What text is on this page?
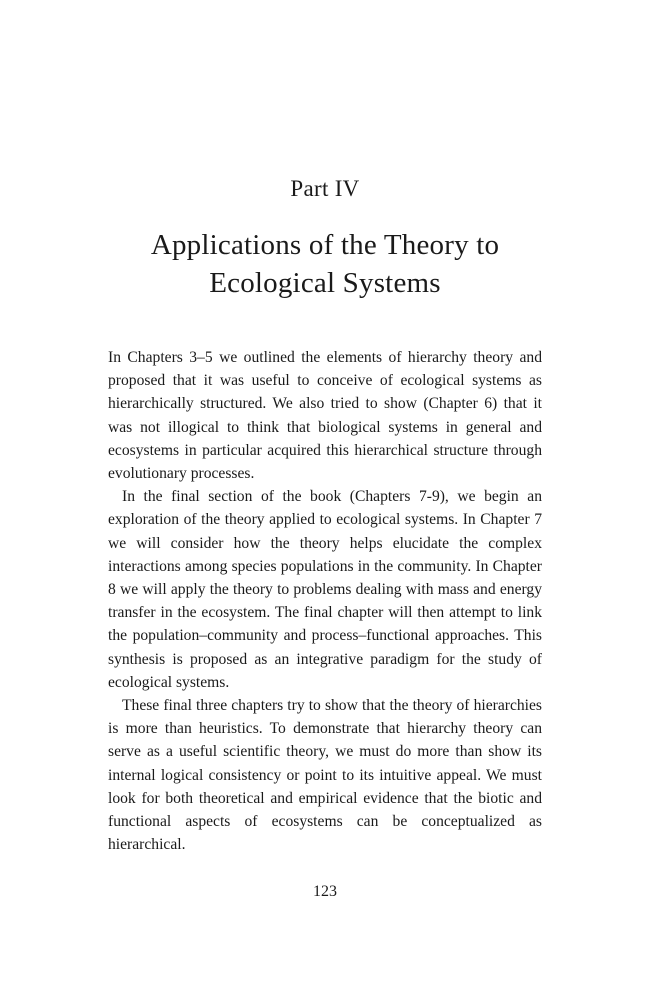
Part IV
Applications of the Theory to
Ecological Systems

In Chapters 3–5 we outlined the elements of hierarchy theory and proposed that it was useful to conceive of ecological systems as hierarchically structured. We also tried to show (Chapter 6) that it was not illogical to think that biological systems in general and ecosystems in particular acquired this hierarchical structure through evolutionary processes.

In the final section of the book (Chapters 7-9), we begin an exploration of the theory applied to ecological systems. In Chapter 7 we will consider how the theory helps elucidate the complex interactions among species populations in the community. In Chapter 8 we will apply the theory to problems dealing with mass and energy transfer in the ecosystem. The final chapter will then attempt to link the population–community and process–functional approaches. This synthesis is proposed as an integrative paradigm for the study of ecological systems.

These final three chapters try to show that the theory of hierarchies is more than heuristics. To demonstrate that hierarchy theory can serve as a useful scientific theory, we must do more than show its internal logical consistency or point to its intuitive appeal. We must look for both theoretical and empirical evidence that the biotic and functional aspects of ecosystems can be conceptualized as hierarchical.

123
